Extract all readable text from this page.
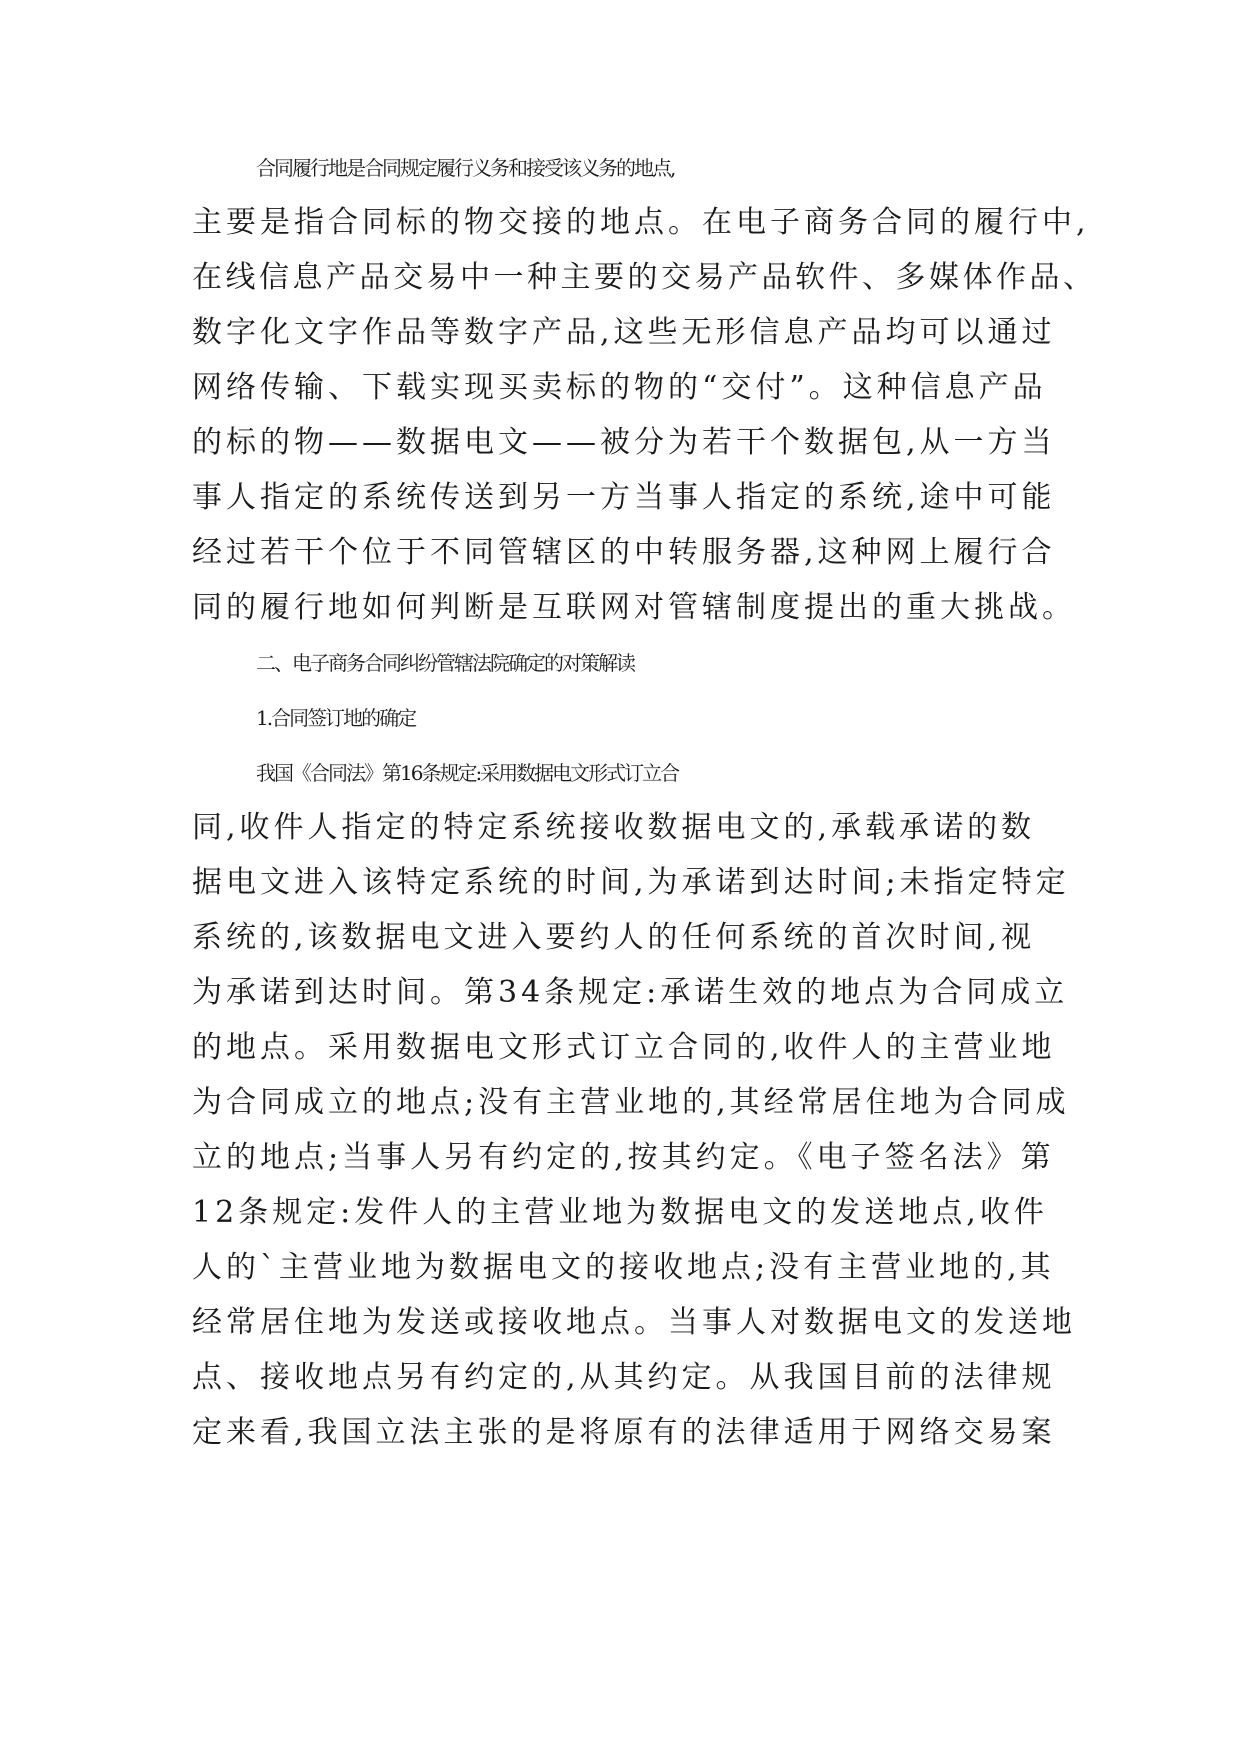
合同履行地是合同规定履行义务和接受该义务的地点,
主要是指合同标的物交接的地点。在电子商务合同的履行中,
在线信息产品交易中一种主要的交易产品软件、多媒体作品、
数字化文字作品等数字产品,这些无形信息产品均可以通过
网络传输、下载实现买卖标的物的“交付”。这种信息产品
的标的物——数据电文——被分为若干个数据包,从一方当
事人指定的系统传送到另一方当事人指定的系统,途中可能
经过若干个位于不同管辖区的中转服务器,这种网上履行合
同的履行地如何判断是互联网对管辖制度提出的重大挑战。
二、电子商务合同纠纷管辖法院确定的对策解读
1.合同签订地的确定
我国《合同法》第16条规定:采用数据电文形式订立合
同,收件人指定的特定系统接收数据电文的,承载承诺的数
据电文进入该特定系统的时间,为承诺到达时间;未指定特定
系统的,该数据电文进入要约人的任何系统的首次时间,视
为承诺到达时间。第34条规定:承诺生效的地点为合同成立
的地点。采用数据电文形式订立合同的,收件人的主营业地
为合同成立的地点;没有主营业地的,其经常居住地为合同成
立的地点;当事人另有约定的,按其约定。《电子签名法》第
12条规定:发件人的主营业地为数据电文的发送地点,收件
人的`主营业地为数据电文的接收地点;没有主营业地的,其
经常居住地为发送或接收地点。当事人对数据电文的发送地
点、接收地点另有约定的,从其约定。从我国目前的法律规
定来看,我国立法主张的是将原有的法律适用于网络交易案
